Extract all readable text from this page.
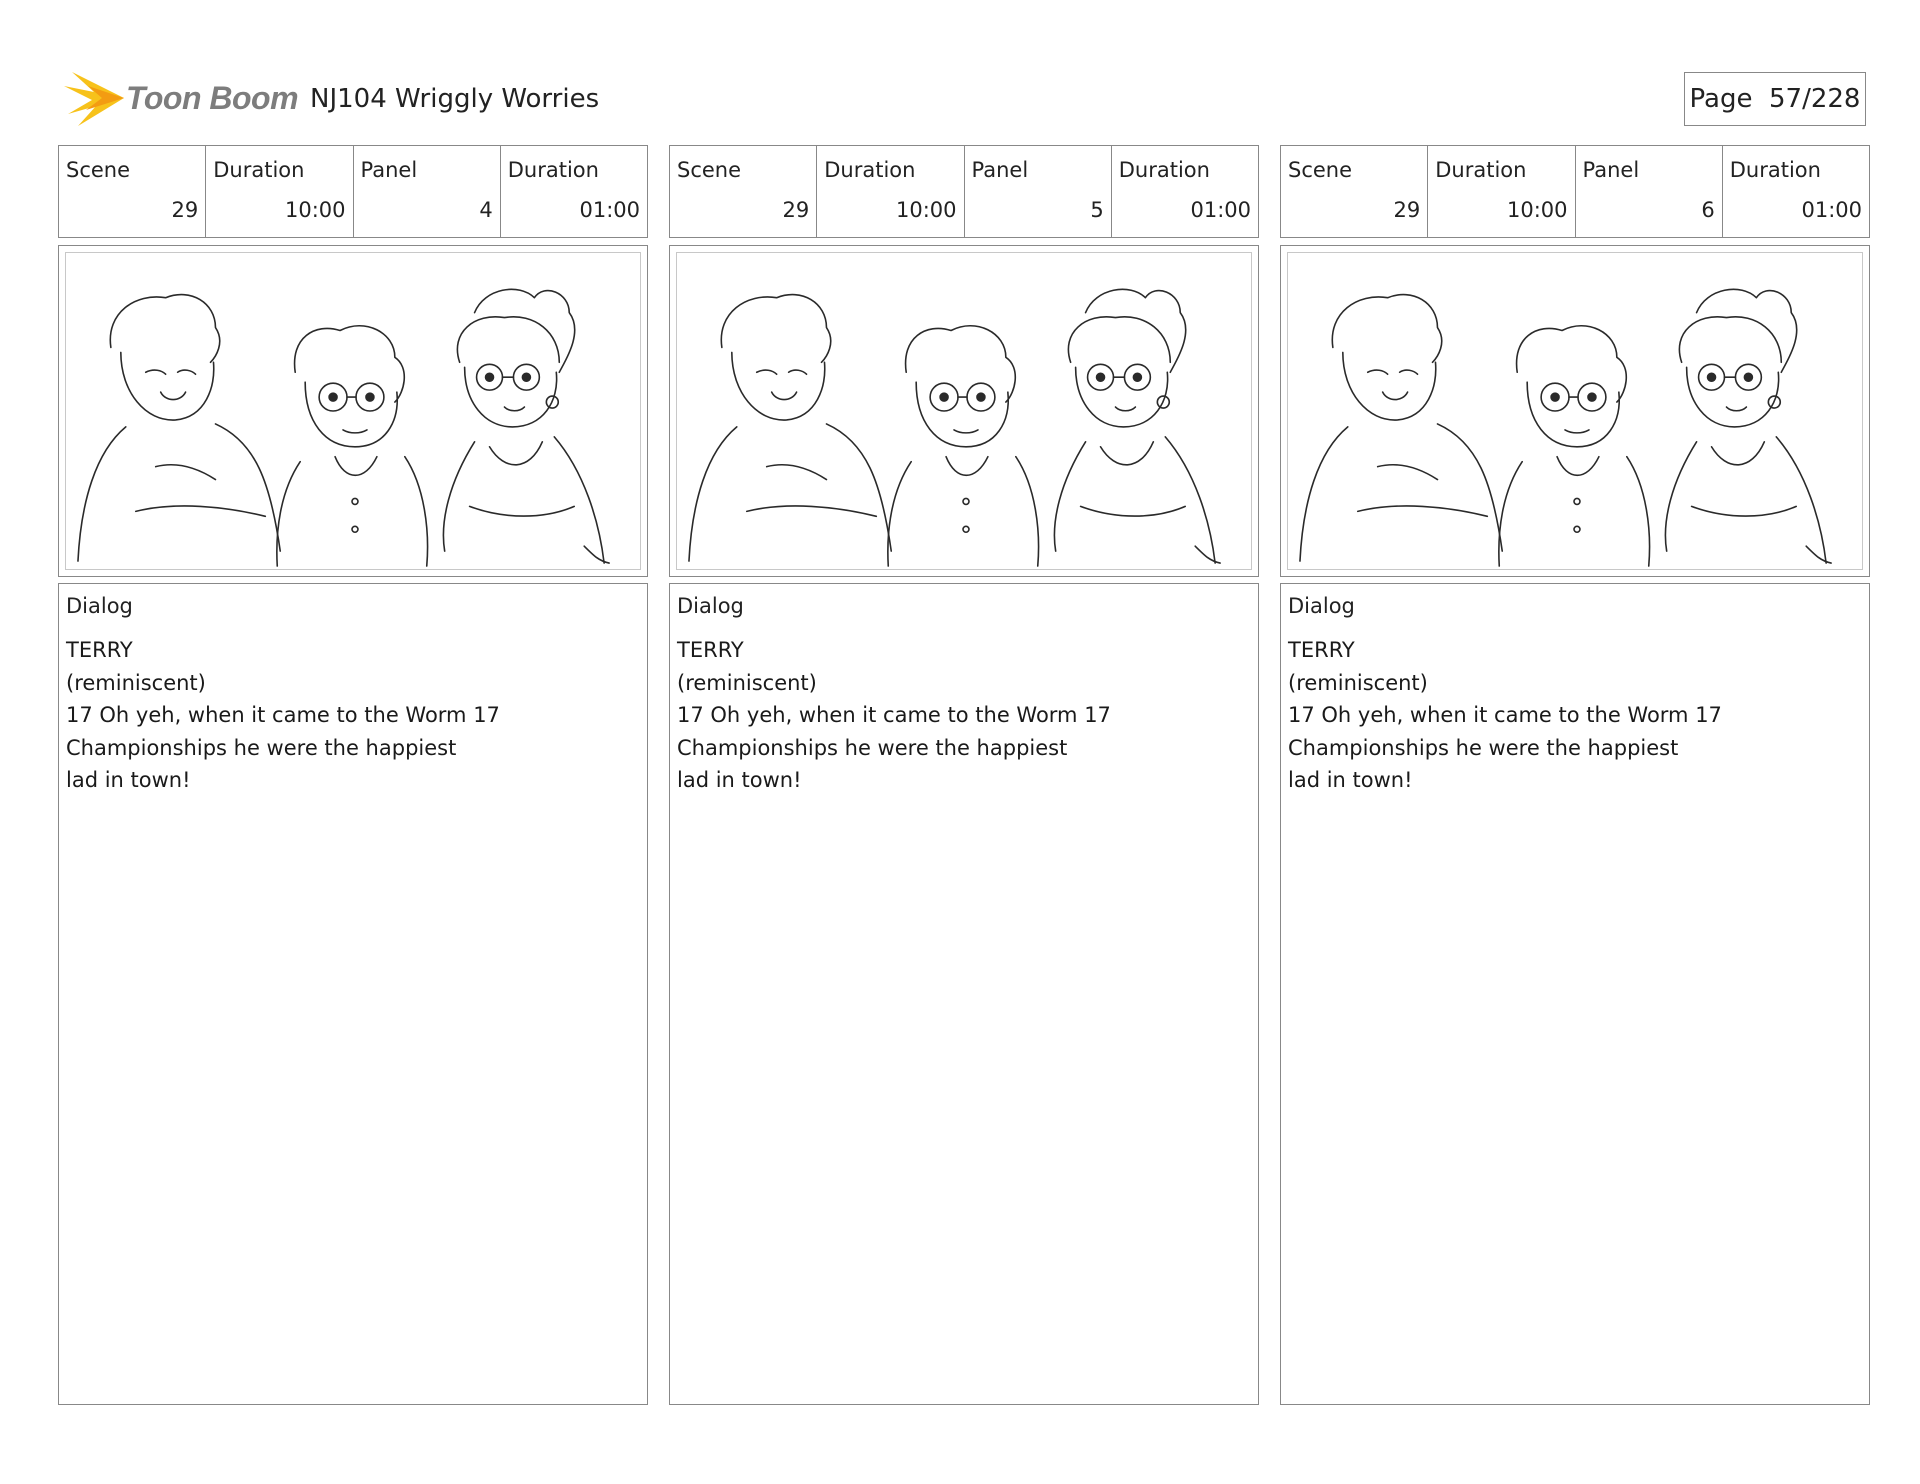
Toon Boom NJ104 Wriggly Worries	Page 57/228
Scene
29
Duration
10:00
Panel
4
Duration
01:00
Dialog
TERRY
(reminiscent)
17 Oh yeh, when it came to the Worm 17
Championships he were the happiest
lad in town!
Scene
29
Duration
10:00
Panel
5
Duration
01:00
Dialog
TERRY
(reminiscent)
17 Oh yeh, when it came to the Worm 17
Championships he were the happiest
lad in town!
Scene
29
Duration
10:00
Panel
6
Duration
01:00
Dialog
TERRY
(reminiscent)
17 Oh yeh, when it came to the Worm 17
Championships he were the happiest
lad in town!
